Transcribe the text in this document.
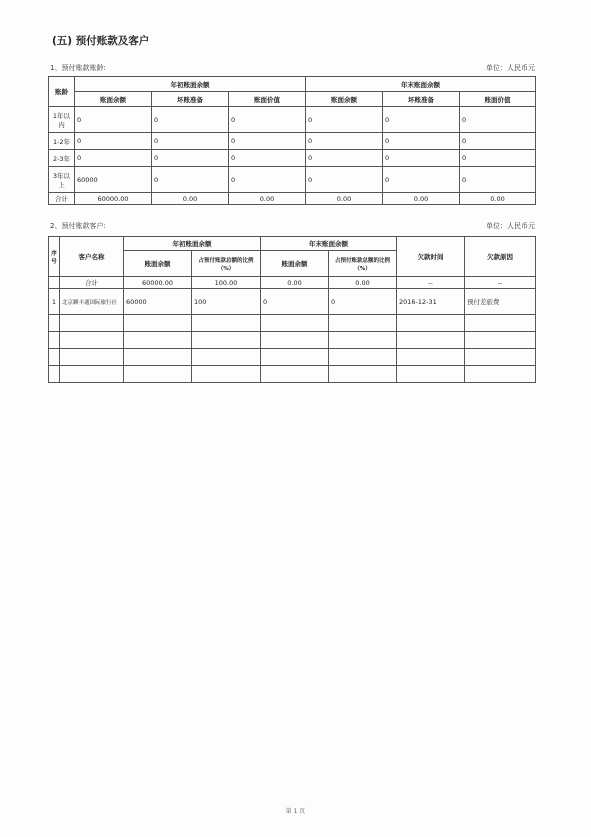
(五) 预付账款及客户
1、预付账款账龄:	单位：人民币元
账龄	年初账面余额			年末账面余额		
	账面余额	坏账准备	账面价值	账面余额	坏账准备	账面价值
1年以内	0	0	0	0	0	0
1-2年	0	0	0	0	0	0
2-3年	0	0	0	0	0	0
3年以上	60000	0	0	0	0	0
合计	60000.00	0.00	0.00	0.00	0.00	0.00
2、预付账款客户:	单位：人民币元
序号	客户名称	年初账面余额		年末账面余额		欠款时间	欠款原因
		账面余额	占预付账款总额的比例（%）	账面余额	占预付账款总额的比例（%）		
	合计	60000.00	100.00	0.00	0.00	--	--
1	北京麒丰通国际旅行社	60000	100	0	0	2016-12-31	预付差旅费

第 1 页
